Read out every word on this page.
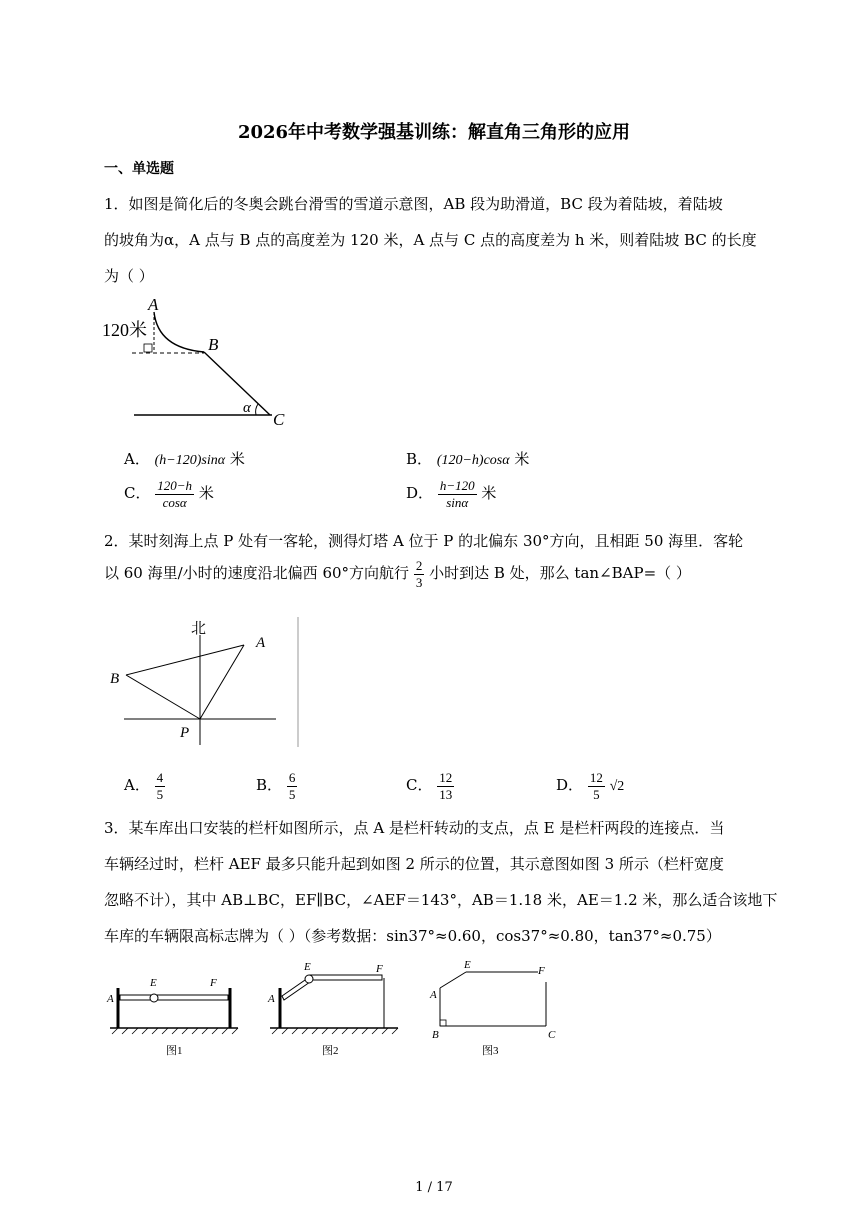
2026年中考数学强基训练：解直角三角形的应用
一、单选题
1．如图是简化后的冬奥会跳台滑雪的雪道示意图，AB 段为助滑道，BC 段为着陆坡，着陆坡
的坡角为α，A 点与 B 点的高度差为 120 米，A 点与 C 点的高度差为 h 米，则着陆坡 BC 的长度
为（ ）
A
120米
B
α
C
A． (h−120)sinα 米	B． (120−h)cosα 米
C． $\frac{120-h}{\cos\alpha}$ 米	D． $\frac{h-120}{\sin\alpha}$ 米
2．某时刻海上点 P 处有一客轮，测得灯塔 A 位于 P 的北偏东 30°方向，且相距 50 海里．客轮
以 60 海里/小时的速度沿北偏西 60°方向航行 $\frac{2}{3}$ 小时到达 B 处，那么 tan∠BAP=（ ）
北
A
B
P
A． $\frac{4}{5}$	B． $\frac{6}{5}$	C． $\frac{12}{13}$	D． $\frac{12}{5} √2$
3．某车库出口安装的栏杆如图所示，点 A 是栏杆转动的支点，点 E 是栏杆两段的连接点．当
车辆经过时，栏杆 AEF 最多只能升起到如图 2 所示的位置，其示意图如图 3 所示（栏杆宽度
忽略不计），其中 AB⊥BC，EF∥BC，∠AEF＝143°，AB＝1.18 米，AE＝1.2 米，那么适合该地下
车库的车辆限高标志牌为（ ）（参考数据：sin37°≈0.60，cos37°≈0.80，tan37°≈0.75）
A
E	F
图1
A
E	F
图2
A
E	F
B	C
图3
1 / 17
